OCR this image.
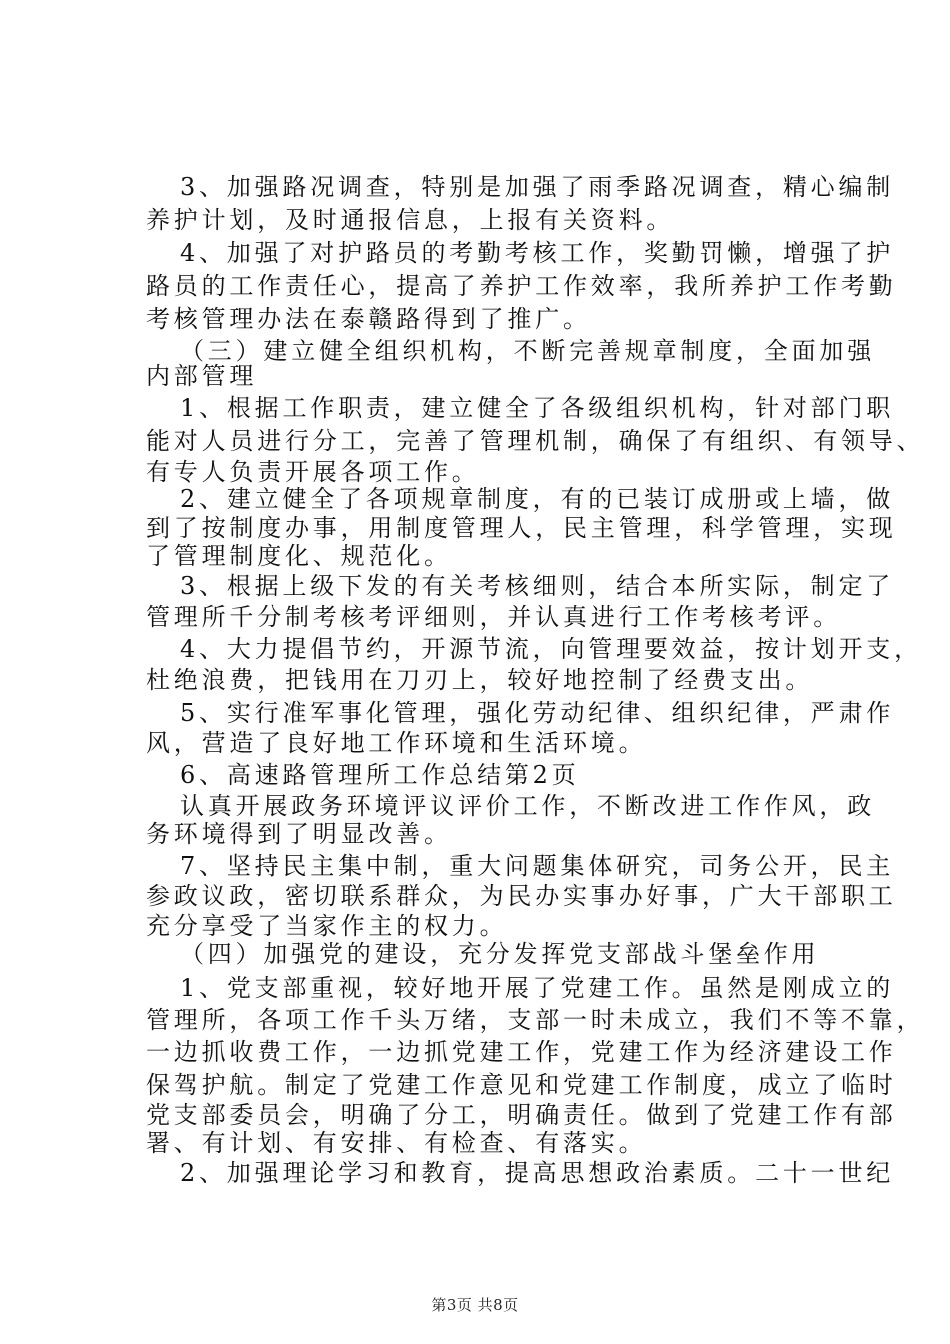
3、加强路况调查，特别是加强了雨季路况调查，精心编制

养护计划，及时通报信息，上报有关资料。

4、加强了对护路员的考勤考核工作，奖勤罚懒，增强了护

路员的工作责任心，提高了养护工作效率，我所养护工作考勤

考核管理办法在泰赣路得到了推广。

（三）建立健全组织机构，不断完善规章制度，全面加强

内部管理

1、根据工作职责，建立健全了各级组织机构，针对部门职

能对人员进行分工，完善了管理机制，确保了有组织、有领导、

有专人负责开展各项工作。

2、建立健全了各项规章制度，有的已装订成册或上墙，做

到了按制度办事，用制度管理人，民主管理，科学管理，实现

了管理制度化、规范化。

3、根据上级下发的有关考核细则，结合本所实际，制定了

管理所千分制考核考评细则，并认真进行工作考核考评。

4、大力提倡节约，开源节流，向管理要效益，按计划开支，

杜绝浪费，把钱用在刀刃上，较好地控制了经费支出。

5、实行准军事化管理，强化劳动纪律、组织纪律，严肃作

风，营造了良好地工作环境和生活环境。

6、高速路管理所工作总结第2页

认真开展政务环境评议评价工作，不断改进工作作风，政

务环境得到了明显改善。

7、坚持民主集中制，重大问题集体研究，司务公开，民主

参政议政，密切联系群众，为民办实事办好事，广大干部职工

充分享受了当家作主的权力。

（四）加强党的建设，充分发挥党支部战斗堡垒作用

1、党支部重视，较好地开展了党建工作。虽然是刚成立的

管理所，各项工作千头万绪，支部一时未成立，我们不等不靠，

一边抓收费工作，一边抓党建工作，党建工作为经济建设工作

保驾护航。制定了党建工作意见和党建工作制度，成立了临时

党支部委员会，明确了分工，明确责任。做到了党建工作有部

署、有计划、有安排、有检查、有落实。

2、加强理论学习和教育，提高思想政治素质。二十一世纪

第3页 共8页
